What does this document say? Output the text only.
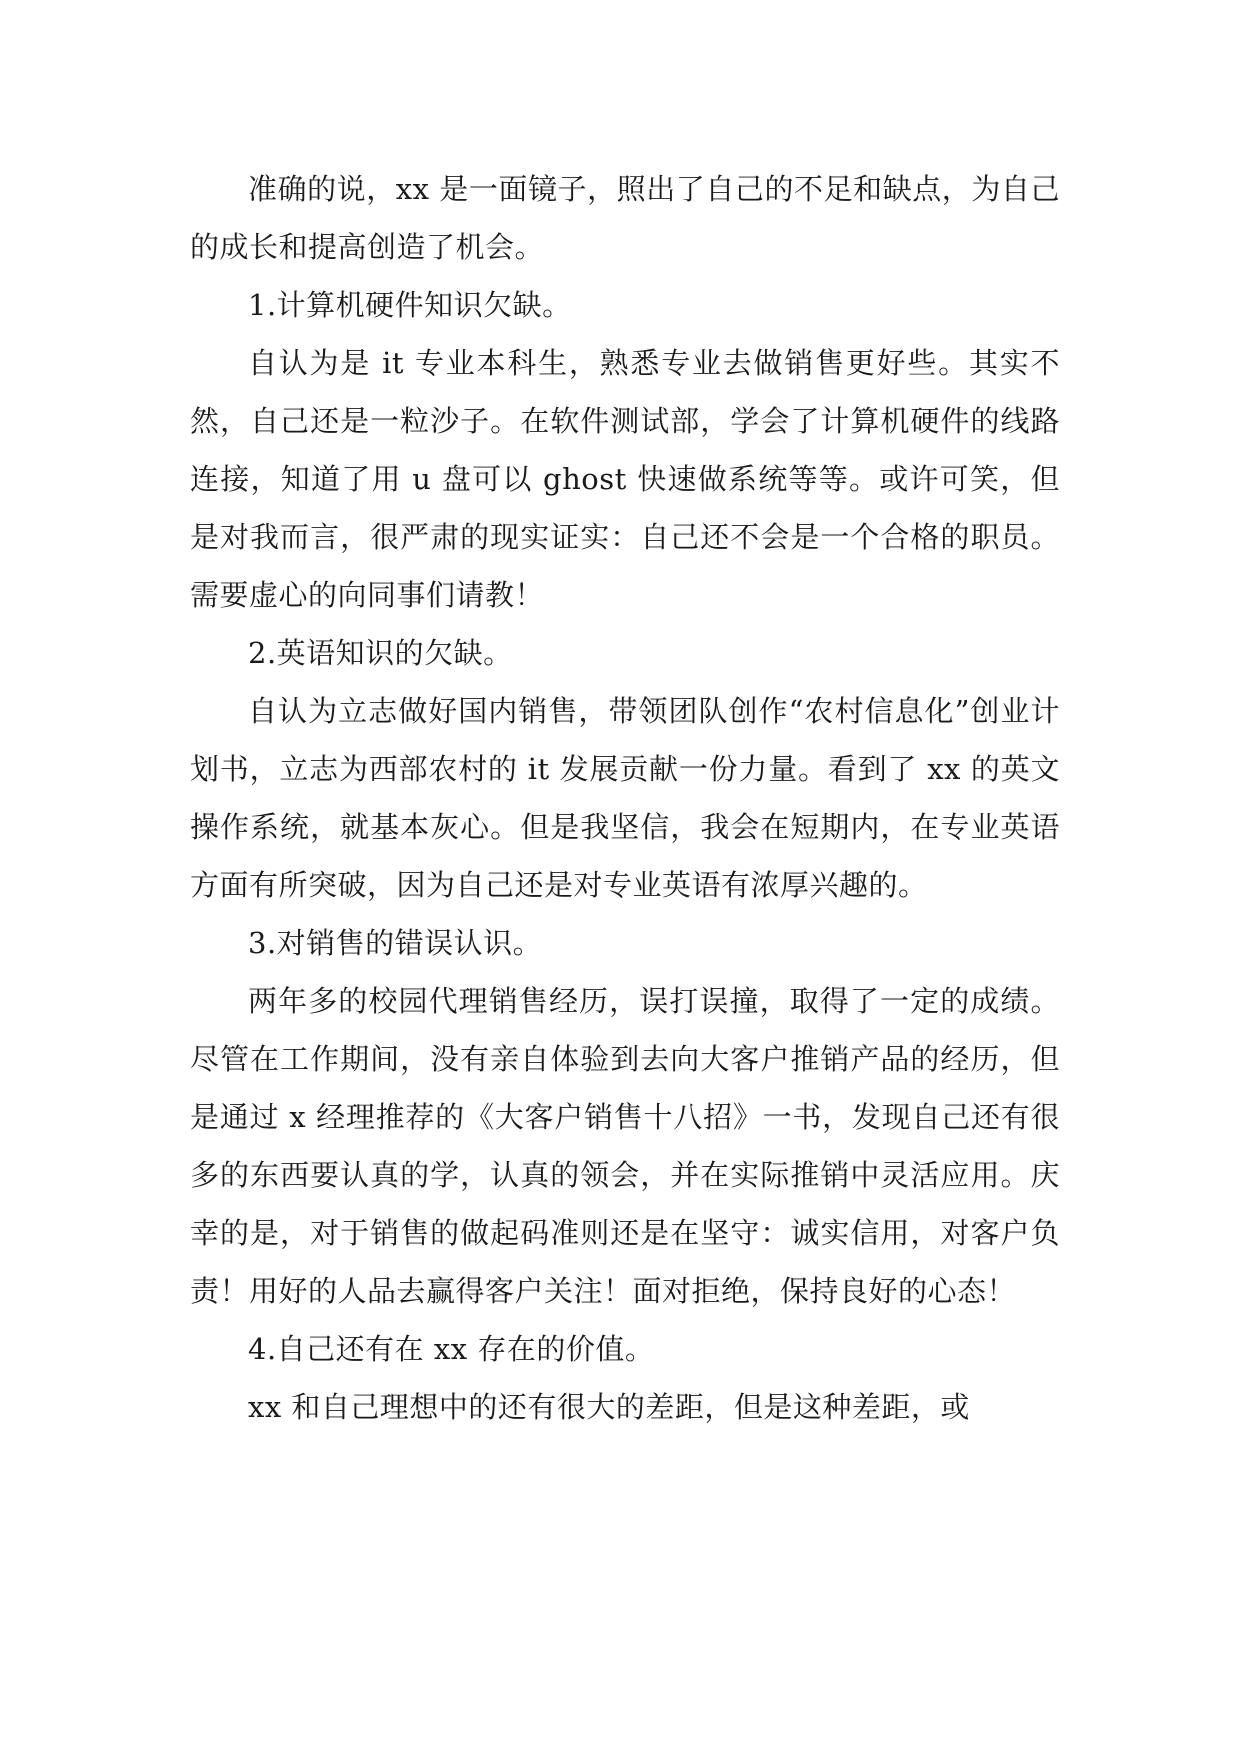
准确的说，xx 是一面镜子，照出了自己的不足和缺点，为自己的成长和提高创造了机会。

1.计算机硬件知识欠缺。

自认为是 it 专业本科生，熟悉专业去做销售更好些。其实不然，自己还是一粒沙子。在软件测试部，学会了计算机硬件的线路连接，知道了用 u 盘可以 ghost 快速做系统等等。或许可笑，但是对我而言，很严肃的现实证实：自己还不会是一个合格的职员。需要虚心的向同事们请教！

2.英语知识的欠缺。

自认为立志做好国内销售，带领团队创作“农村信息化”创业计划书，立志为西部农村的 it 发展贡献一份力量。看到了 xx 的英文操作系统，就基本灰心。但是我坚信，我会在短期内，在专业英语方面有所突破，因为自己还是对专业英语有浓厚兴趣的。

3.对销售的错误认识。

两年多的校园代理销售经历，误打误撞，取得了一定的成绩。尽管在工作期间，没有亲自体验到去向大客户推销产品的经历，但是通过 x 经理推荐的《大客户销售十八招》一书，发现自己还有很多的东西要认真的学，认真的领会，并在实际推销中灵活应用。庆幸的是，对于销售的做起码准则还是在坚守：诚实信用，对客户负责！用好的人品去赢得客户关注！面对拒绝，保持良好的心态！

4.自己还有在 xx 存在的价值。

xx 和自己理想中的还有很大的差距，但是这种差距，或
